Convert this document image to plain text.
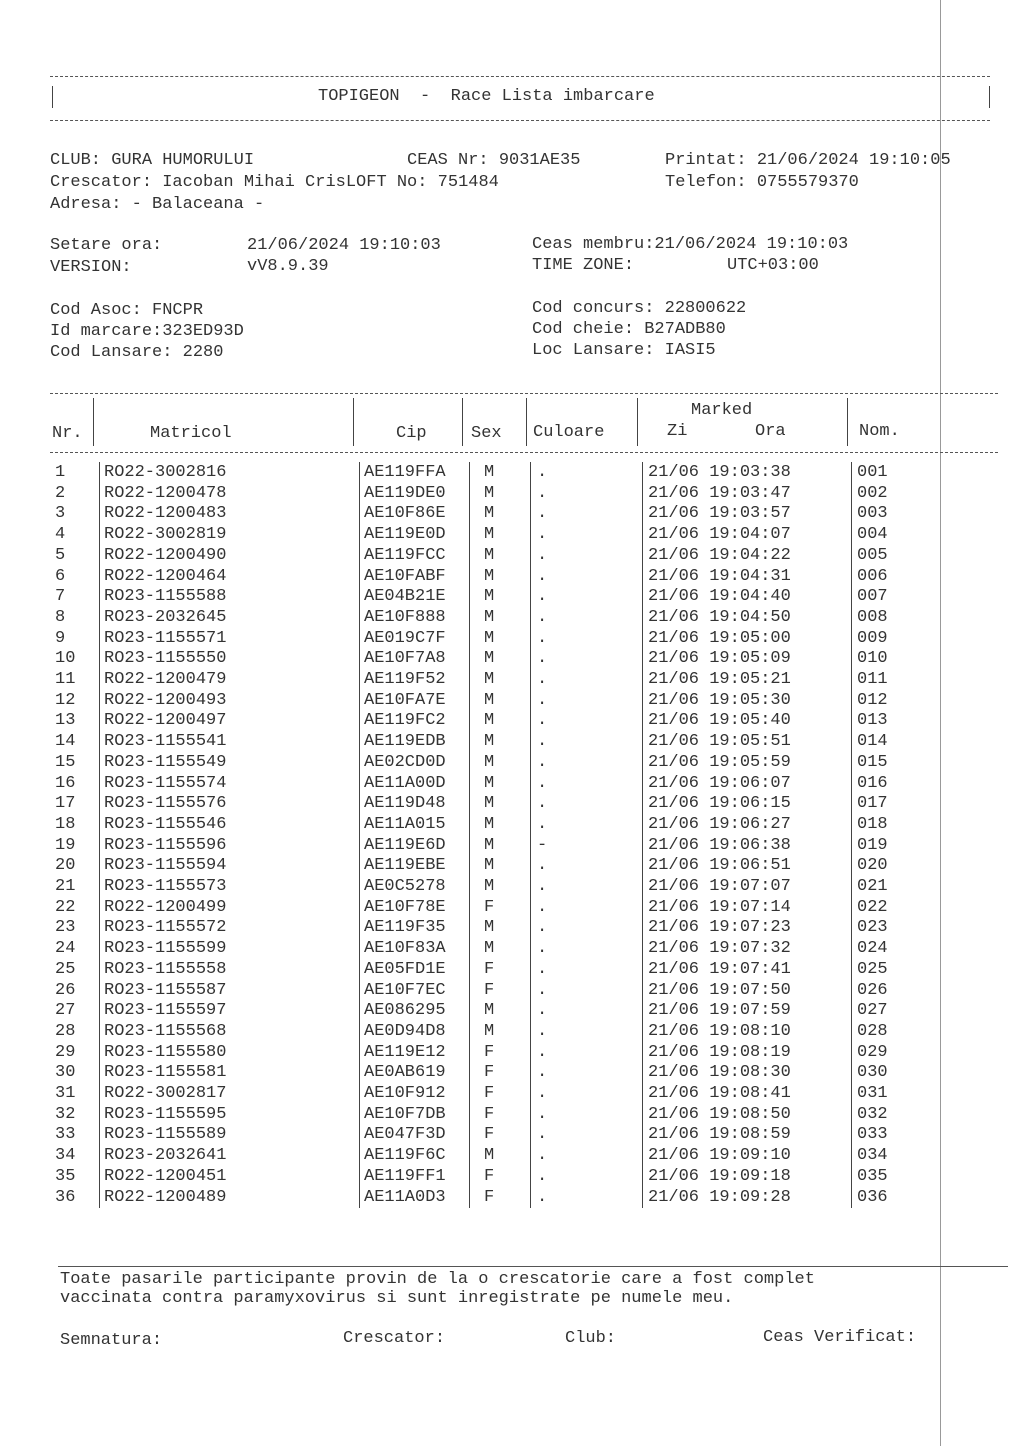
TOPIGEON  -  Race Lista imbarcare
CLUB: GURA HUMORULUI	CEAS Nr: 9031AE35	Printat: 21/06/2024 19:10:05
Crescator: Iacoban Mihai CrisLOFT No: 751484	Telefon: 0755579370
Adresa: - Balaceana -
Setare ora:	21/06/2024 19:10:03	Ceas membru:21/06/2024 19:10:03
VERSION:	vV8.9.39	TIME ZONE:	UTC+03:00
Cod Asoc: FNCPR
Id marcare:323ED93D
Cod Lansare: 2280
Cod concurs: 22800622
Cod cheie: B27ADB80
Loc Lansare: IASI5
Nr.	Matricol	Cip	Sex Culoare
Marked
Zi	Ora	Nom.
1 RO22-3002816	AE119FFA M	.	21/06 19:03:38	001
2 RO22-1200478	AE119DE0 M	.	21/06 19:03:47	002
3 RO22-1200483	AE10F86E M	.	21/06 19:03:57	003
4 RO22-3002819	AE119E0D M	.	21/06 19:04:07	004
5 RO22-1200490	AE119FCC M	.	21/06 19:04:22	005
6 RO22-1200464	AE10FABF M	.	21/06 19:04:31	006
7 RO23-1155588	AE04B21E M	.	21/06 19:04:40	007
8 RO23-2032645	AE10F888 M	.	21/06 19:04:50	008
9 RO23-1155571	AE019C7F M	.	21/06 19:05:00	009
10 RO23-1155550	AE10F7A8 M	.	21/06 19:05:09	010
11 RO22-1200479	AE119F52 M	.	21/06 19:05:21	011
12 RO22-1200493	AE10FA7E M	.	21/06 19:05:30	012
13 RO22-1200497	AE119FC2 M	.	21/06 19:05:40	013
14 RO23-1155541	AE119EDB M	.	21/06 19:05:51	014
15 RO23-1155549	AE02CD0D M	.	21/06 19:05:59	015
16 RO23-1155574	AE11A00D M	.	21/06 19:06:07	016
17 RO23-1155576	AE119D48 M	.	21/06 19:06:15	017
18 RO23-1155546	AE11A015 M	.	21/06 19:06:27	018
19 RO23-1155596	AE119E6D M	-	21/06 19:06:38	019
20 RO23-1155594	AE119EBE M	.	21/06 19:06:51	020
21 RO23-1155573	AE0C5278 M	.	21/06 19:07:07	021
22 RO22-1200499	AE10F78E F	.	21/06 19:07:14	022
23 RO23-1155572	AE119F35 M	.	21/06 19:07:23	023
24 RO23-1155599	AE10F83A M	.	21/06 19:07:32	024
25 RO23-1155558	AE05FD1E F	.	21/06 19:07:41	025
26 RO23-1155587	AE10F7EC F	.	21/06 19:07:50	026
27 RO23-1155597	AE086295 M	.	21/06 19:07:59	027
28 RO23-1155568	AE0D94D8 M	.	21/06 19:08:10	028
29 RO23-1155580	AE119E12 F	.	21/06 19:08:19	029
30 RO23-1155581	AE0AB619 F	.	21/06 19:08:30	030
31 RO22-3002817	AE10F912 F	.	21/06 19:08:41	031
32 RO23-1155595	AE10F7DB F	.	21/06 19:08:50	032
33 RO23-1155589	AE047F3D F	.	21/06 19:08:59	033
34 RO23-2032641	AE119F6C M	.	21/06 19:09:10	034
35 RO22-1200451	AE119FF1 F	.	21/06 19:09:18	035
36 RO22-1200489	AE11A0D3 F	.	21/06 19:09:28	036
Toate pasarile participante provin de la o crescatorie care a fost complet
vaccinata contra paramyxovirus si sunt inregistrate pe numele meu.
Semnatura:	Crescator:	Club:	Ceas Verificat:
